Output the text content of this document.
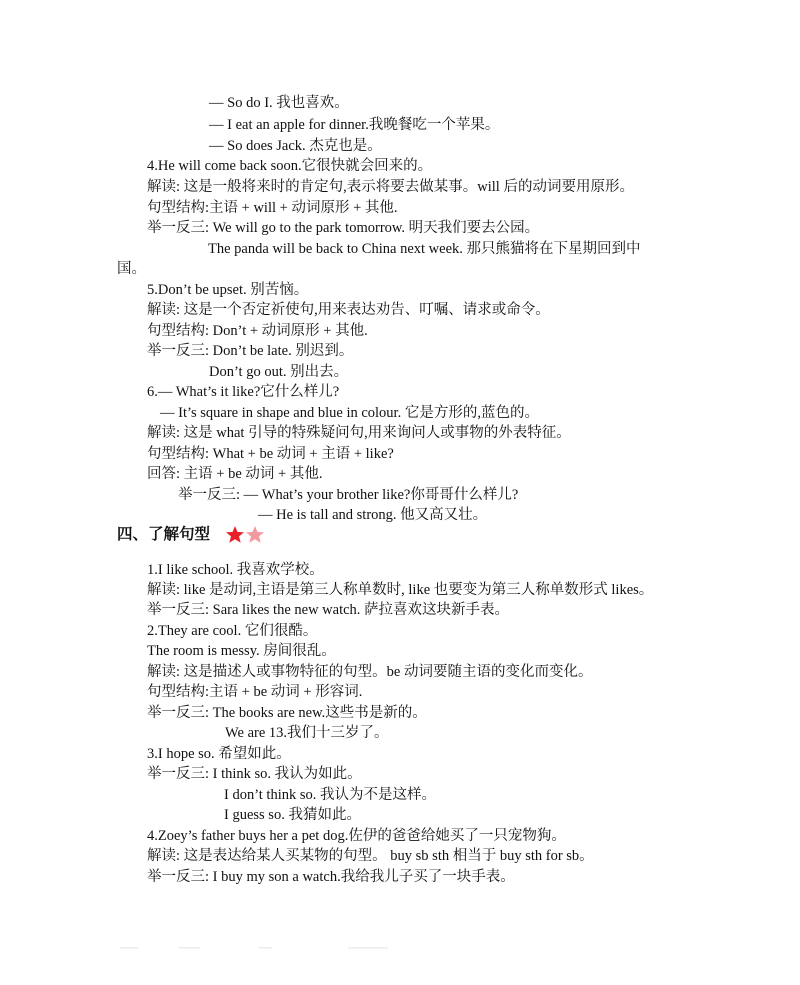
— So do I. 我也喜欢。
— I eat an apple for dinner.我晚餐吃一个苹果。
— So does Jack. 杰克也是。
4.He will come back soon.它很快就会回来的。
解读: 这是一般将来时的肯定句,表示将要去做某事。will 后的动词要用原形。
句型结构:主语 + will + 动词原形 + 其他.
举一反三: We will go to the park tomorrow. 明天我们要去公园。
The panda will be back to China next week. 那只熊猫将在下星期回到中
国。
5.Don’t be upset. 别苦恼。
解读: 这是一个否定祈使句,用来表达劝告、叮嘱、请求或命令。
句型结构: Don’t + 动词原形 + 其他.
举一反三: Don’t be late. 别迟到。
Don’t go out. 别出去。
6.— What’s it like?它什么样儿?
— It’s square in shape and blue in colour. 它是方形的,蓝色的。
解读: 这是 what 引导的特殊疑问句,用来询问人或事物的外表特征。
句型结构: What + be 动词 + 主语 + like?
回答: 主语 + be 动词 + 其他.
举一反三: — What’s your brother like?你哥哥什么样儿?
— He is tall and strong. 他又高又壮。
四、了解句型
1.I like school. 我喜欢学校。
解读: like 是动词,主语是第三人称单数时, like 也要变为第三人称单数形式 likes。
举一反三: Sara likes the new watch. 萨拉喜欢这块新手表。
2.They are cool. 它们很酷。
The room is messy. 房间很乱。
解读: 这是描述人或事物特征的句型。be 动词要随主语的变化而变化。
句型结构:主语 + be 动词 + 形容词.
举一反三: The books are new.这些书是新的。
We are 13.我们十三岁了。
3.I hope so. 希望如此。
举一反三: I think so. 我认为如此。
I don’t think so. 我认为不是这样。
I guess so. 我猜如此。
4.Zoey’s father buys her a pet dog.佐伊的爸爸给她买了一只宠物狗。
解读: 这是表达给某人买某物的句型。 buy sb sth 相当于 buy sth for sb。
举一反三: I buy my son a watch.我给我儿子买了一块手表。
